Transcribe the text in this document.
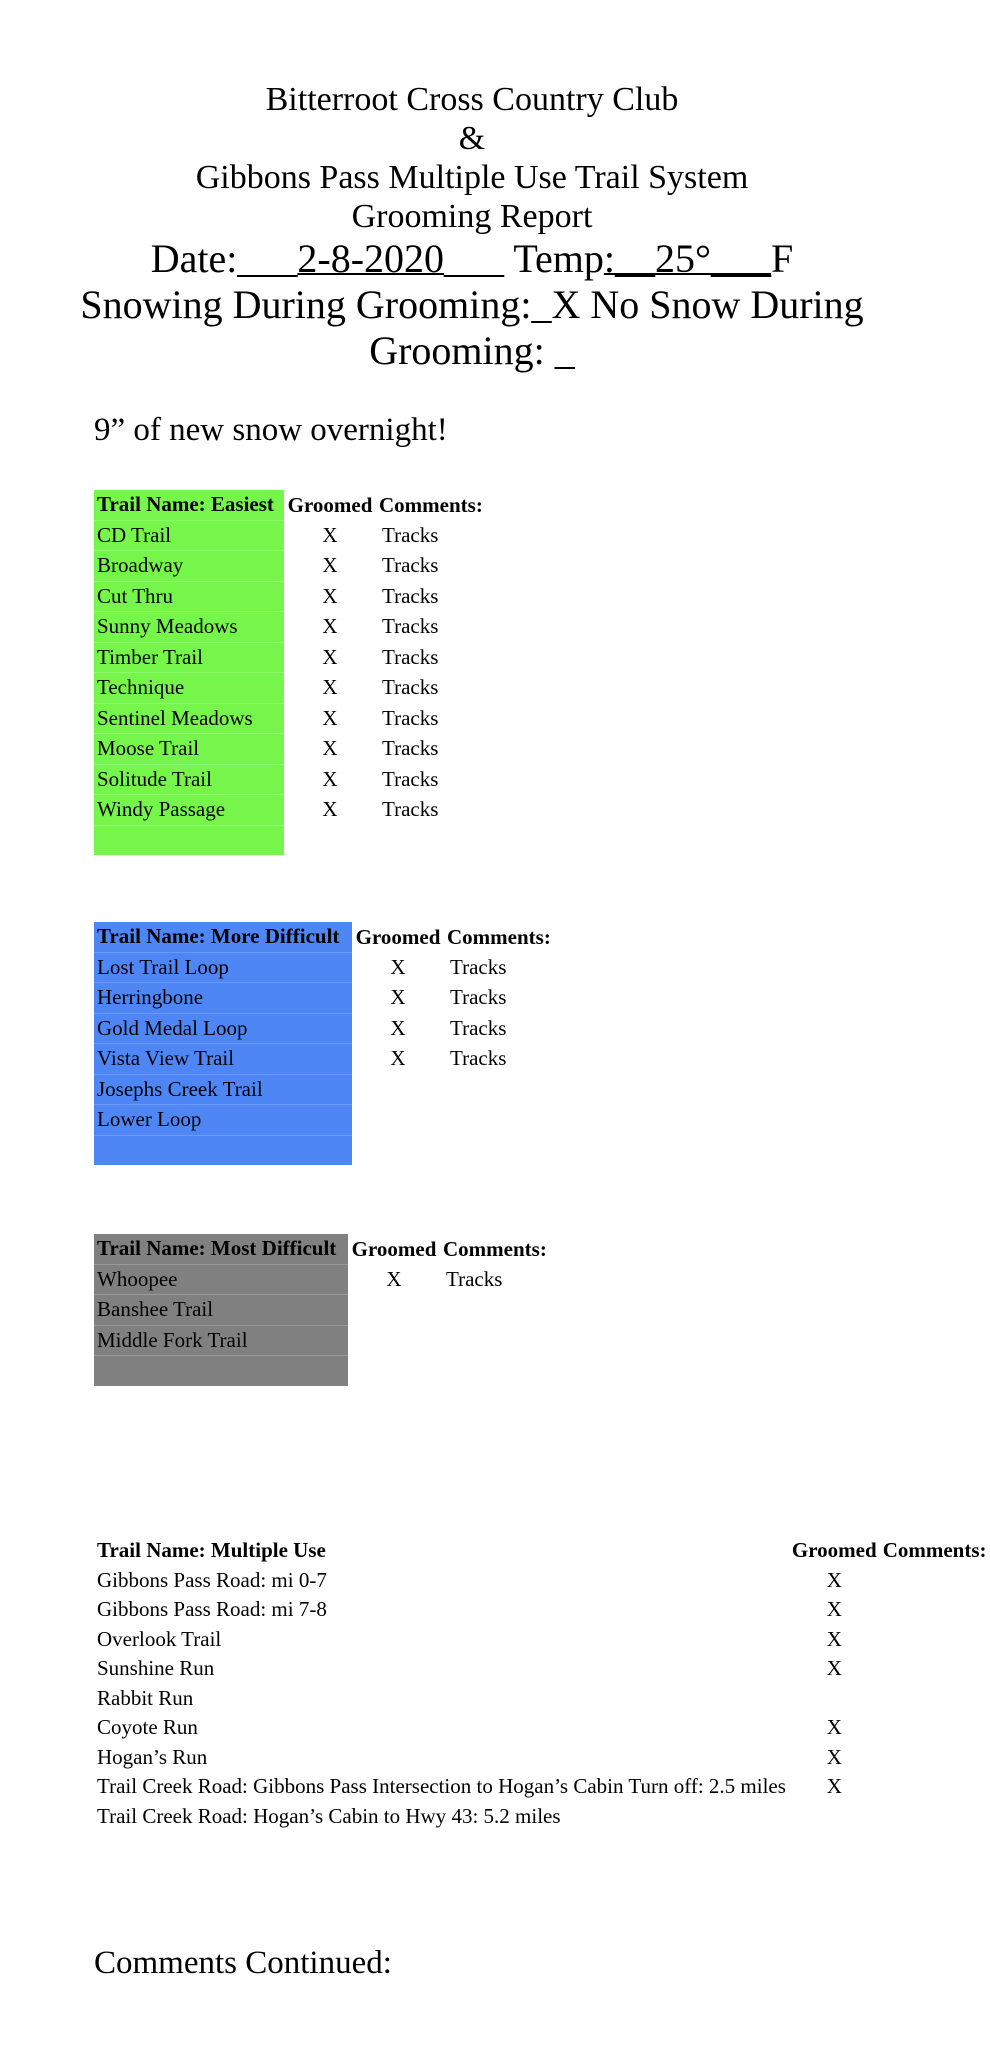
Bitterroot Cross Country Club
&
Gibbons Pass Multiple Use Trail System
Grooming Report
Date:___2-8-2020___ Temp:__25°___F
Snowing During Grooming:_X No Snow During
Grooming: _
9” of new snow overnight!
Trail Name: Easiest	Groomed	Comments:
CD Trail	X	Tracks
Broadway	X	Tracks
Cut Thru	X	Tracks
Sunny Meadows	X	Tracks
Timber Trail	X	Tracks
Technique	X	Tracks
Sentinel Meadows	X	Tracks
Moose Trail	X	Tracks
Solitude Trail	X	Tracks
Windy Passage	X	Tracks

Trail Name: More Difficult	Groomed	Comments:
Lost Trail Loop	X	Tracks
Herringbone	X	Tracks
Gold Medal Loop	X	Tracks
Vista View Trail	X	Tracks
Josephs Creek Trail		
Lower Loop		

Trail Name: Most Difficult	Groomed	Comments:
Whoopee	X	Tracks
Banshee Trail		
Middle Fork Trail		

Trail Name: Multiple Use	Groomed	Comments:
Gibbons Pass Road: mi 0-7	X	
Gibbons Pass Road: mi 7-8	X	
Overlook Trail	X	
Sunshine Run	X	
Rabbit Run		
Coyote Run	X	
Hogan’s Run	X	
Trail Creek Road: Gibbons Pass Intersection to Hogan’s Cabin Turn off: 2.5 miles	X	
Trail Creek Road: Hogan’s Cabin to Hwy 43: 5.2 miles		
Comments Continued:
